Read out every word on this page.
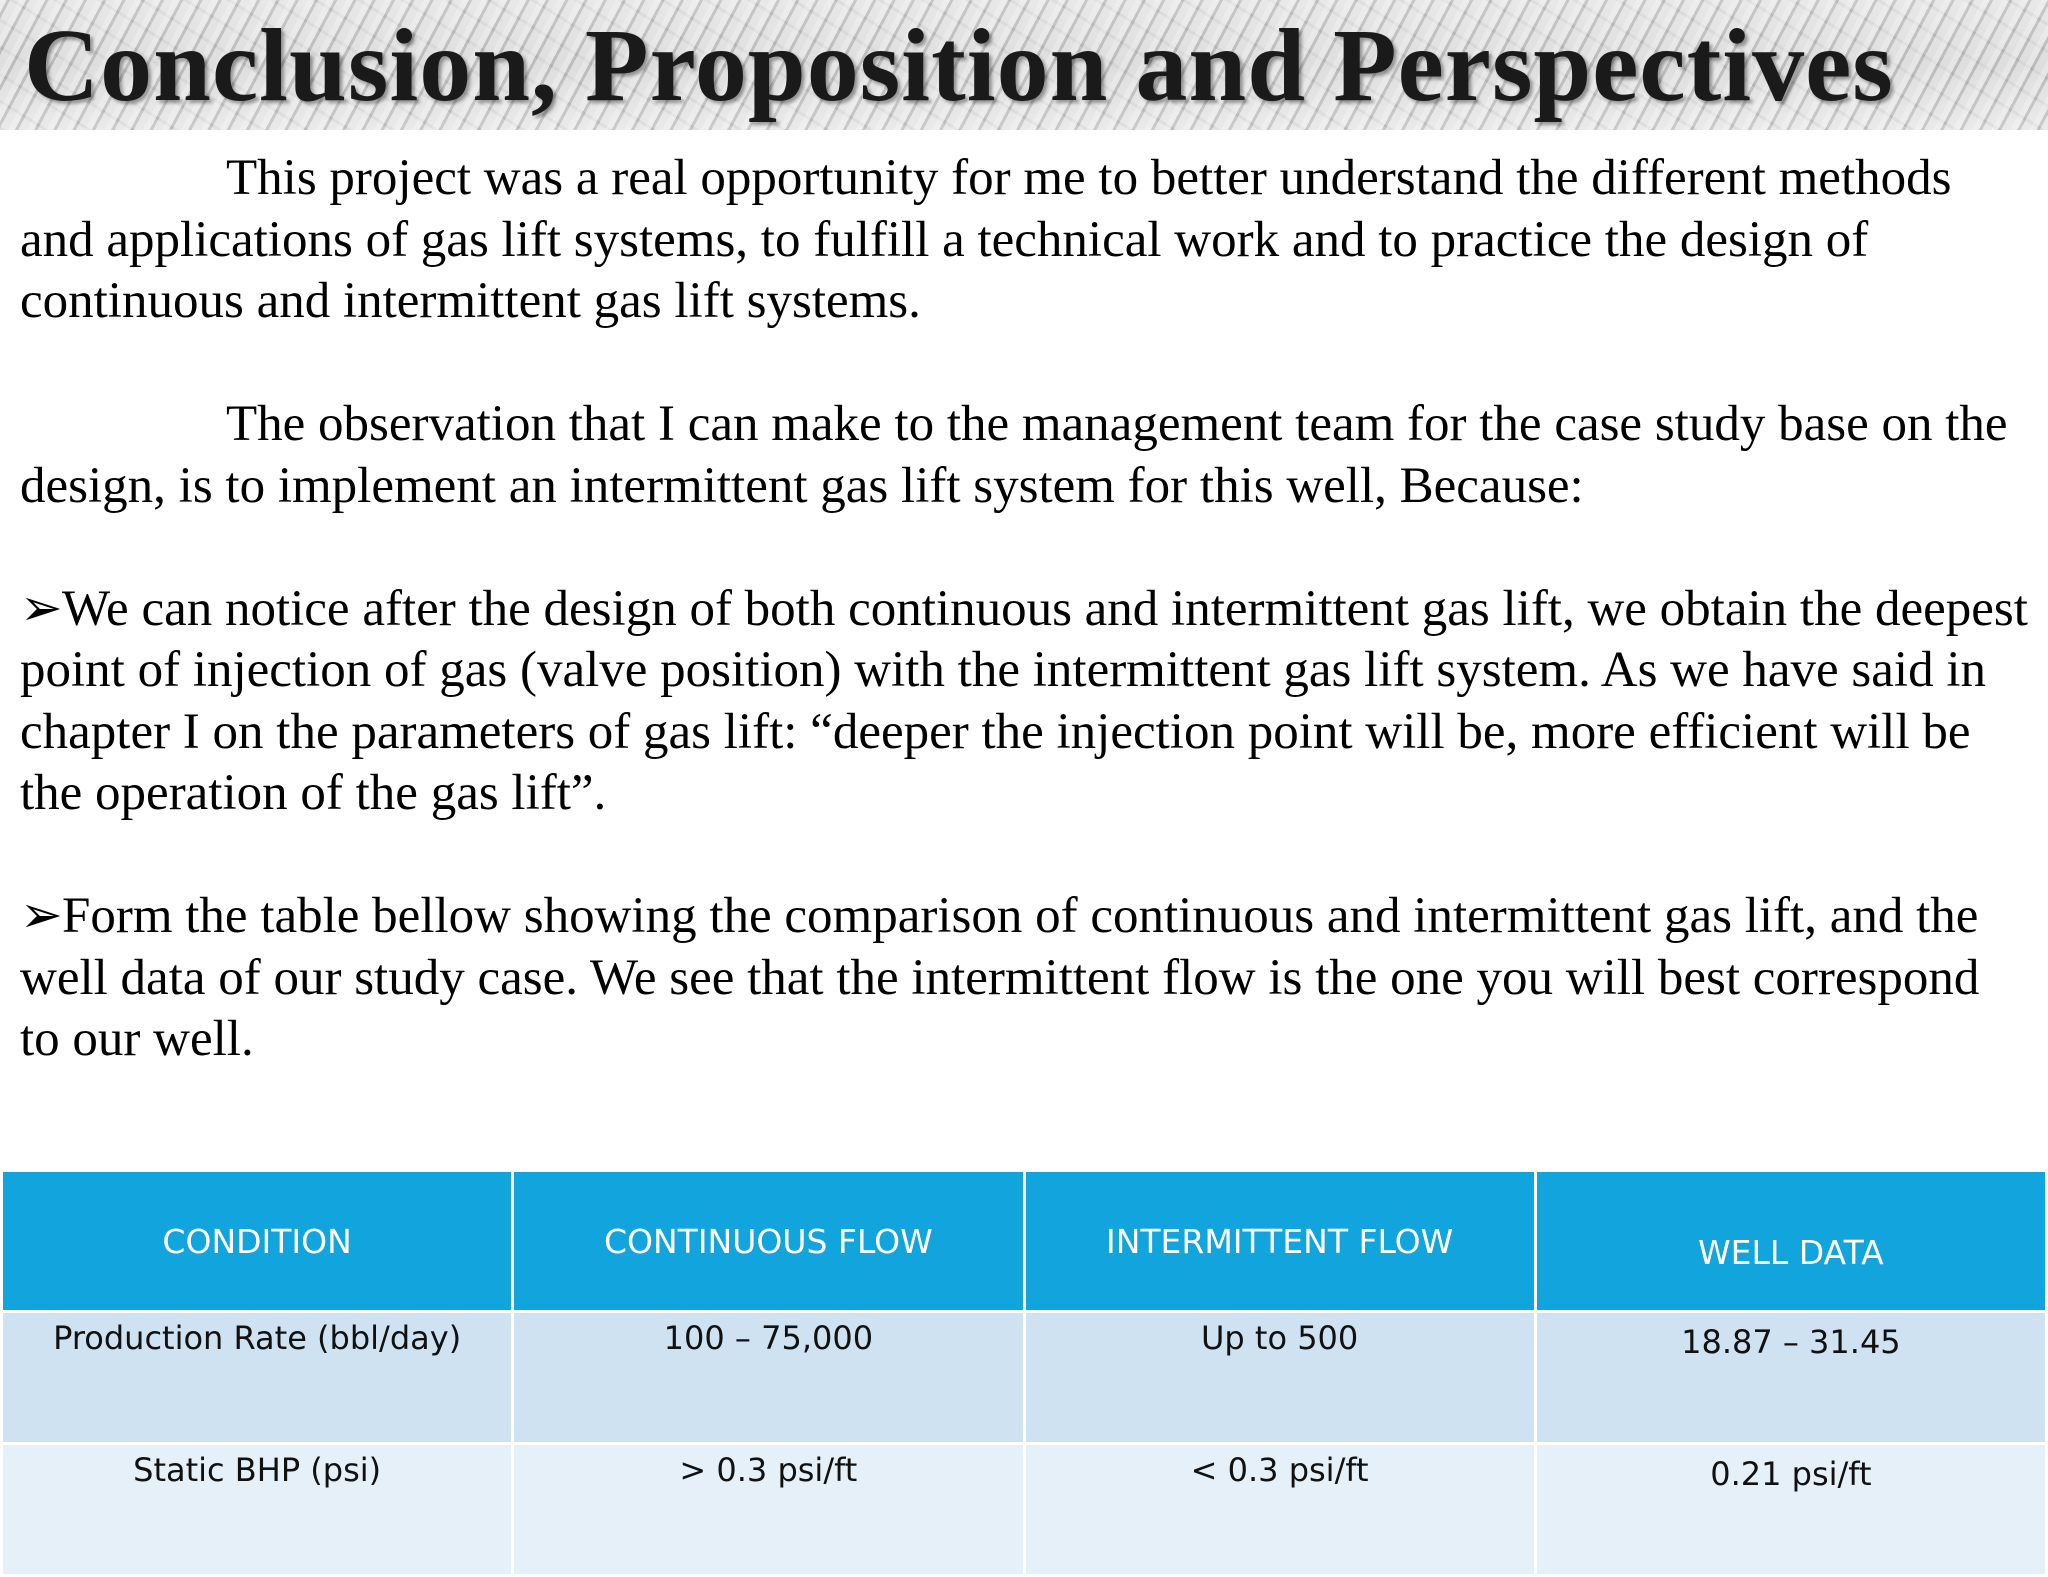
Conclusion, Proposition and Perspectives

This project was a real opportunity for me to better understand the different methods and applications of gas lift systems, to fulfill a technical work and to practice the design of continuous and intermittent gas lift systems.

The observation that I can make to the management team for the case study base on the design, is to implement an intermittent gas lift system for this well, Because:

➢We can notice after the design of both continuous and intermittent gas lift, we obtain the deepest point of injection of gas (valve position) with the intermittent gas lift system. As we have said in chapter I on the parameters of gas lift: “deeper the injection point will be, more efficient will be the operation of the gas lift”.

➢Form the table bellow showing the comparison of continuous and intermittent gas lift, and the well data of our study case. We see that the intermittent flow is the one you will best correspond to our well.

CONDITION	CONTINUOUS FLOW	INTERMITTENT FLOW	WELL DATA
Production Rate (bbl/day)	100 – 75,000	Up to 500	18.87 – 31.45
Static BHP (psi)	> 0.3 psi/ft	< 0.3 psi/ft	0.21 psi/ft
